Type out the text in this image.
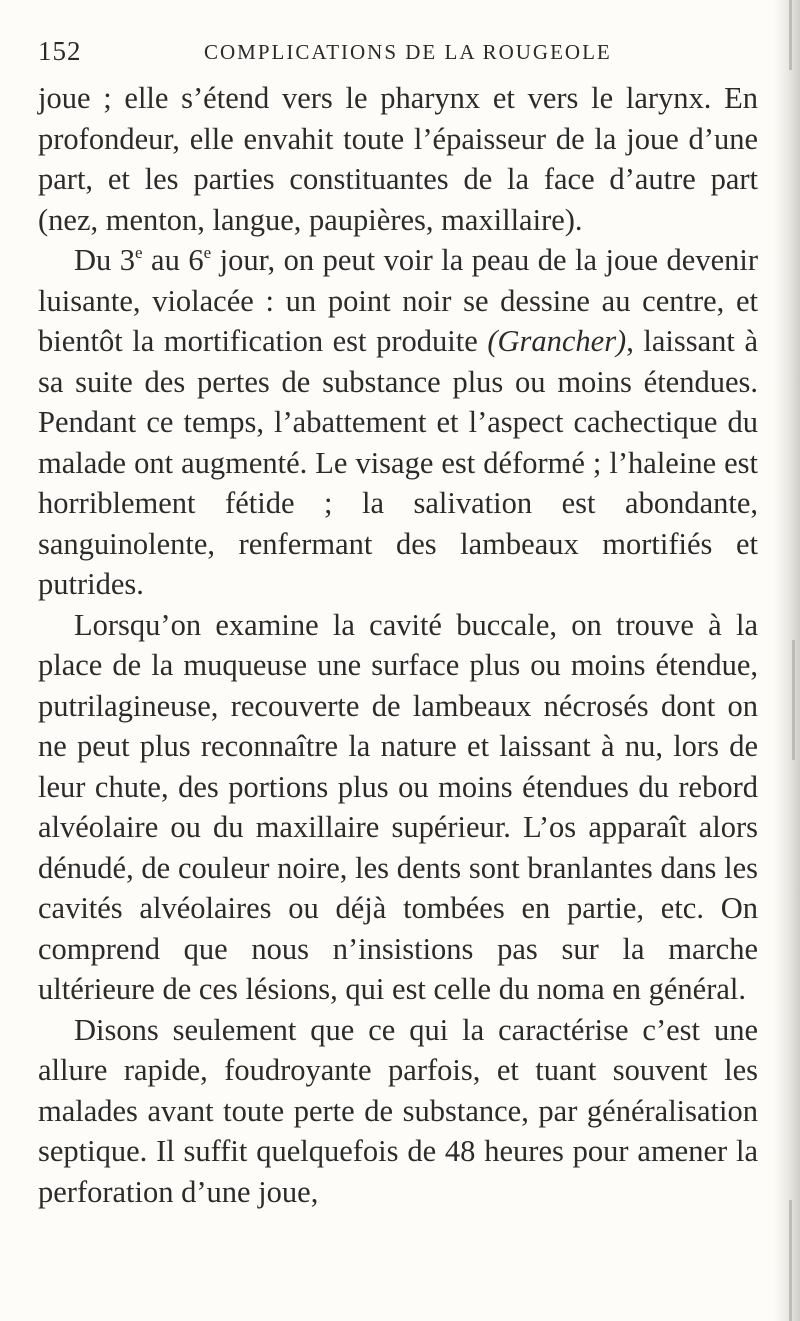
152	COMPLICATIONS DE LA ROUGEOLE

joue ; elle s’étend vers le pharynx et vers le larynx. En profondeur, elle envahit toute l’épaisseur de la joue d’une part, et les parties constituantes de la face d’autre part (nez, menton, langue, paupières, maxillaire).

Du 3e au 6e jour, on peut voir la peau de la joue devenir luisante, violacée : un point noir se dessine au centre, et bientôt la mortification est produite (Grancher), laissant à sa suite des pertes de substance plus ou moins étendues. Pendant ce temps, l’abattement et l’aspect cachectique du malade ont augmenté. Le visage est déformé ; l’haleine est horriblement fétide ; la salivation est abondante, sanguinolente, renfermant des lambeaux mortifiés et putrides.

Lorsqu’on examine la cavité buccale, on trouve à la place de la muqueuse une surface plus ou moins étendue, putrilagineuse, recouverte de lambeaux nécrosés dont on ne peut plus reconnaître la nature et laissant à nu, lors de leur chute, des portions plus ou moins étendues du rebord alvéolaire ou du maxillaire supérieur. L’os apparaît alors dénudé, de couleur noire, les dents sont branlantes dans les cavités alvéolaires ou déjà tombées en partie, etc. On comprend que nous n’insistions pas sur la marche ultérieure de ces lésions, qui est celle du noma en général.

Disons seulement que ce qui la caractérise c’est une allure rapide, foudroyante parfois, et tuant souvent les malades avant toute perte de substance, par généralisation septique. Il suffit quelquefois de 48 heures pour amener la perforation d’une joue,
